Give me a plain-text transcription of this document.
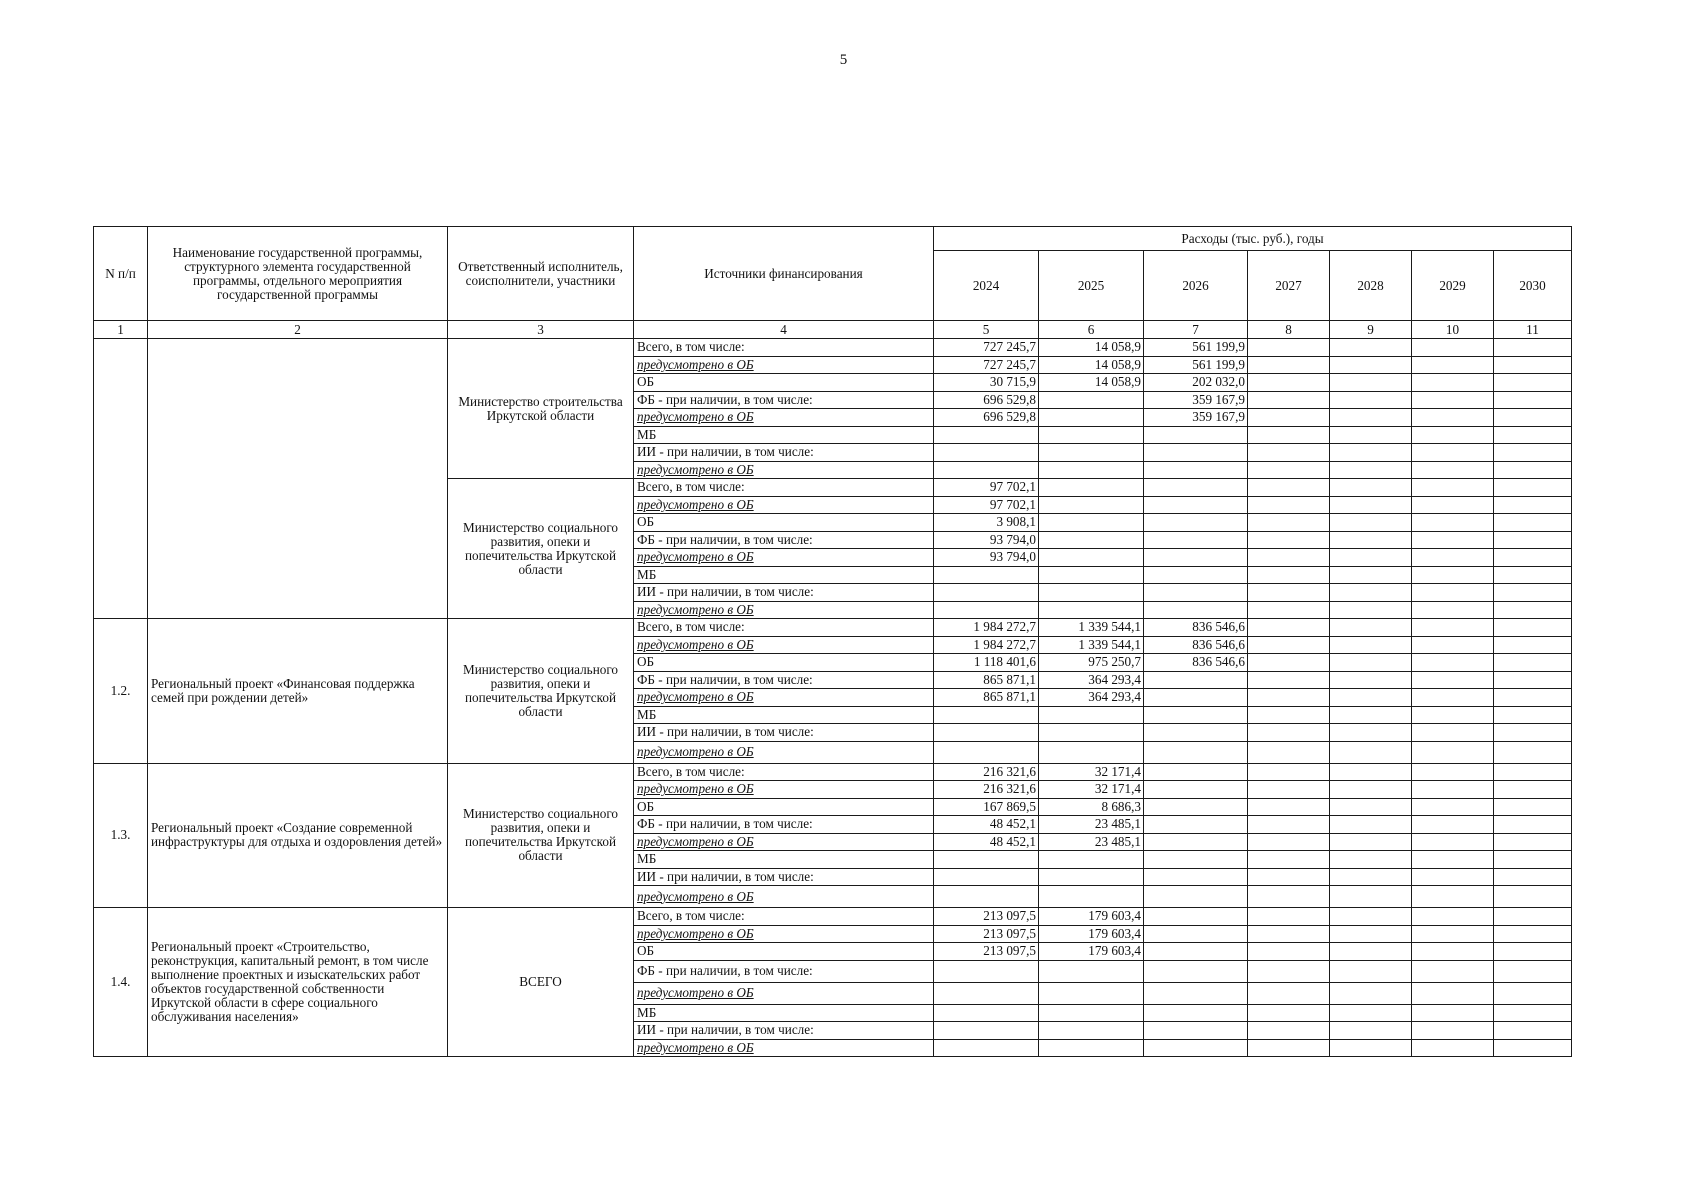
5
N п/п	Наименование государственной программы, структурного элемента государственной программы, отдельного мероприятия государственной программы	Ответственный исполнитель, соисполнители, участники	Источники финансирования	Расходы (тыс. руб.), годы						
				2024	2025	2026	2027	2028	2029	2030
1	2	3	4	5	6	7	8	9	10	11
		Министерство строительства Иркутской области	Всего, в том числе:	727 245,7	14 058,9	561 199,9				
			предусмотрено в ОБ	727 245,7	14 058,9	561 199,9				
			ОБ	30 715,9	14 058,9	202 032,0				
			ФБ - при наличии, в том числе:	696 529,8		359 167,9				
			предусмотрено в ОБ	696 529,8		359 167,9				
			МБ							
			ИИ - при наличии, в том числе:							
			предусмотрено в ОБ							
		Министерство социального развития, опеки и попечительства Иркутской области	Всего, в том числе:	97 702,1						
			предусмотрено в ОБ	97 702,1						
			ОБ	3 908,1						
			ФБ - при наличии, в том числе:	93 794,0						
			предусмотрено в ОБ	93 794,0						
			МБ							
			ИИ - при наличии, в том числе:							
			предусмотрено в ОБ							
1.2.	Региональный проект «Финансовая поддержка семей при рождении детей»	Министерство социального развития, опеки и попечительства Иркутской области	Всего, в том числе:	1 984 272,7	1 339 544,1	836 546,6				
			предусмотрено в ОБ	1 984 272,7	1 339 544,1	836 546,6				
			ОБ	1 118 401,6	975 250,7	836 546,6				
			ФБ - при наличии, в том числе:	865 871,1	364 293,4					
			предусмотрено в ОБ	865 871,1	364 293,4					
			МБ							
			ИИ - при наличии, в том числе:							
			предусмотрено в ОБ							
1.3.	Региональный проект «Создание современной инфраструктуры для отдыха и оздоровления детей»	Министерство социального развития, опеки и попечительства Иркутской области	Всего, в том числе:	216 321,6	32 171,4					
			предусмотрено в ОБ	216 321,6	32 171,4					
			ОБ	167 869,5	8 686,3					
			ФБ - при наличии, в том числе:	48 452,1	23 485,1					
			предусмотрено в ОБ	48 452,1	23 485,1					
			МБ							
			ИИ - при наличии, в том числе:							
			предусмотрено в ОБ							
1.4.	Региональный проект «Строительство, реконструкция, капитальный ремонт, в том числе выполнение проектных и изыскательских работ объектов государственной собственности Иркутской области в сфере социального обслуживания населения»	ВСЕГО	Всего, в том числе:	213 097,5	179 603,4					
			предусмотрено в ОБ	213 097,5	179 603,4					
			ОБ	213 097,5	179 603,4					
			ФБ - при наличии, в том числе:							
			предусмотрено в ОБ							
			МБ							
			ИИ - при наличии, в том числе:							
			предусмотрено в ОБ							
